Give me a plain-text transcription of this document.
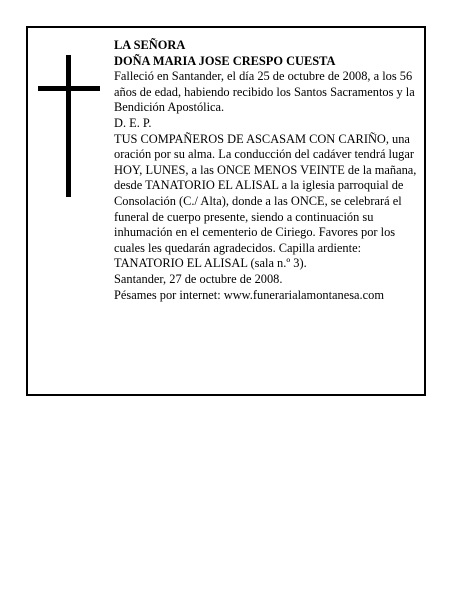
LA SEÑORA

DOÑA MARIA JOSE CRESPO CUESTA

Falleció en Santander, el día 25 de octubre de 2008, a los 56 años de edad, habiendo recibido los Santos Sacramentos y la Bendición Apostólica.

D. E. P.

TUS COMPAÑEROS DE ASCASAM CON CARIÑO, una oración por su alma. La conducción del cadáver tendrá lugar HOY, LUNES, a las ONCE MENOS VEINTE de la mañana, desde TANATORIO EL ALISAL a la iglesia parroquial de Consolación (C./ Alta), donde a las ONCE, se celebrará el funeral de cuerpo presente, siendo a continuación su inhumación en el cementerio de Ciriego. Favores por los cuales les quedarán agradecidos. Capilla ardiente: TANATORIO EL ALISAL (sala n.º 3).

Santander, 27 de octubre de 2008.

Pésames por internet: www.funerarialamontanesa.com
